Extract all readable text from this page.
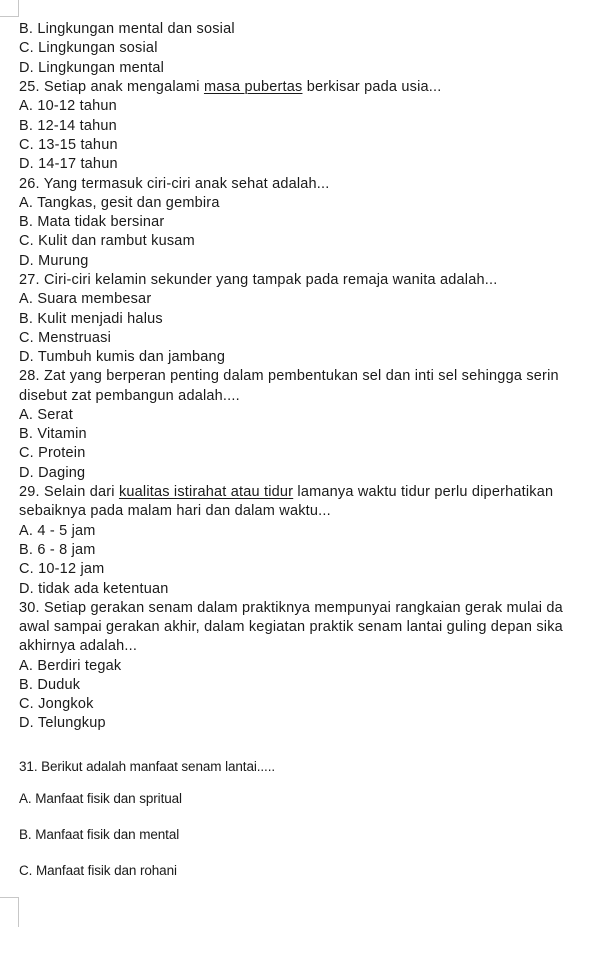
B. Lingkungan mental dan sosial
C. Lingkungan sosial
D. Lingkungan mental
25. Setiap anak mengalami masa pubertas berkisar pada usia...
A. 10-12 tahun
B. 12-14 tahun
C. 13-15 tahun
D. 14-17 tahun
26. Yang termasuk ciri-ciri anak sehat adalah...
A. Tangkas, gesit dan gembira
B. Mata tidak bersinar
C. Kulit dan rambut kusam
D. Murung
27. Ciri-ciri kelamin sekunder yang tampak pada remaja wanita adalah...
A. Suara membesar
B. Kulit menjadi halus
C. Menstruasi
D. Tumbuh kumis dan jambang
28. Zat yang berperan penting dalam pembentukan sel dan inti sel sehingga serin
disebut zat pembangun adalah....
A. Serat
B. Vitamin
C. Protein
D. Daging
29. Selain dari kualitas istirahat atau tidur lamanya waktu tidur perlu diperhatikan
sebaiknya pada malam hari dan dalam waktu...
A. 4 - 5 jam
B. 6 - 8 jam
C. 10-12 jam
D. tidak ada ketentuan
30. Setiap gerakan senam dalam praktiknya mempunyai rangkaian gerak mulai da
awal sampai gerakan akhir, dalam kegiatan praktik senam lantai guling depan sika
akhirnya adalah...
A. Berdiri tegak
B. Duduk
C. Jongkok
D. Telungkup
31. Berikut adalah manfaat senam lantai.....
A. Manfaat fisik dan spritual
B. Manfaat fisik dan mental
C. Manfaat fisik dan rohani
